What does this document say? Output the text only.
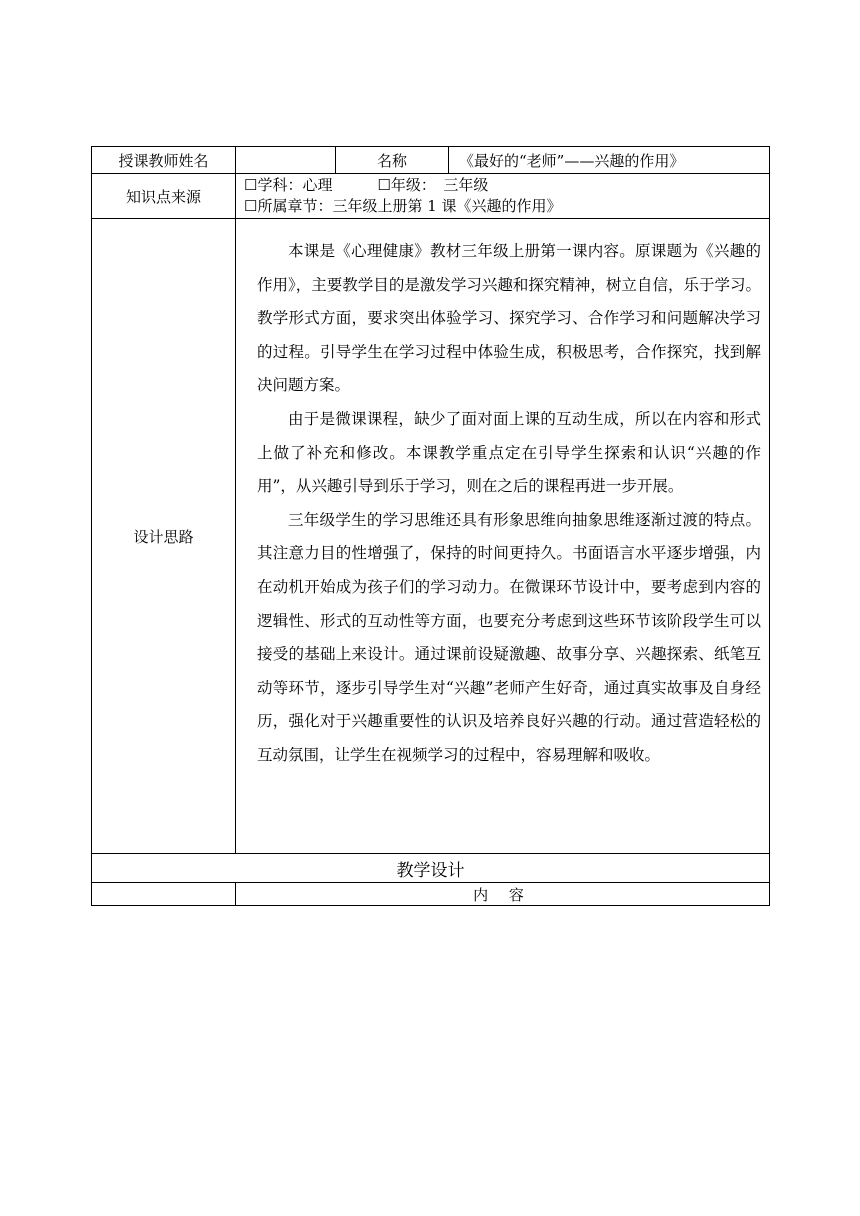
授课教师姓名		名称	《最好的“老师”——兴趣的作用》
知识点来源	☐学科：心理　　　☐年级：　三年级
☐所属章节：三年级上册第 1 课《兴趣的作用》		

设计思路	本课是《心理健康》教材三年级上册第一课内容。原课题为《兴趣的作用》，主要教学目的是激发学习兴趣和探究精神，树立自信，乐于学习。教学形式方面，要求突出体验学习、探究学习、合作学习和问题解决学习的过程。引导学生在学习过程中体验生成，积极思考，合作探究，找到解决问题方案。

由于是微课课程，缺少了面对面上课的互动生成，所以在内容和形式上做了补充和修改。本课教学重点定在引导学生探索和认识“兴趣的作用”，从兴趣引导到乐于学习，则在之后的课程再进一步开展。

三年级学生的学习思维还具有形象思维向抽象思维逐渐过渡的特点。其注意力目的性增强了，保持的时间更持久。书面语言水平逐步增强，内在动机开始成为孩子们的学习动力。在微课环节设计中，要考虑到内容的逻辑性、形式的互动性等方面，也要充分考虑到这些环节该阶段学生可以接受的基础上来设计。通过课前设疑激趣、故事分享、兴趣探索、纸笔互动等环节，逐步引导学生对“兴趣”老师产生好奇，通过真实故事及自身经历，强化对于兴趣重要性的认识及培养良好兴趣的行动。通过营造轻松的互动氛围，让学生在视频学习的过程中，容易理解和吸收。		

教学设计			
	内 容		
